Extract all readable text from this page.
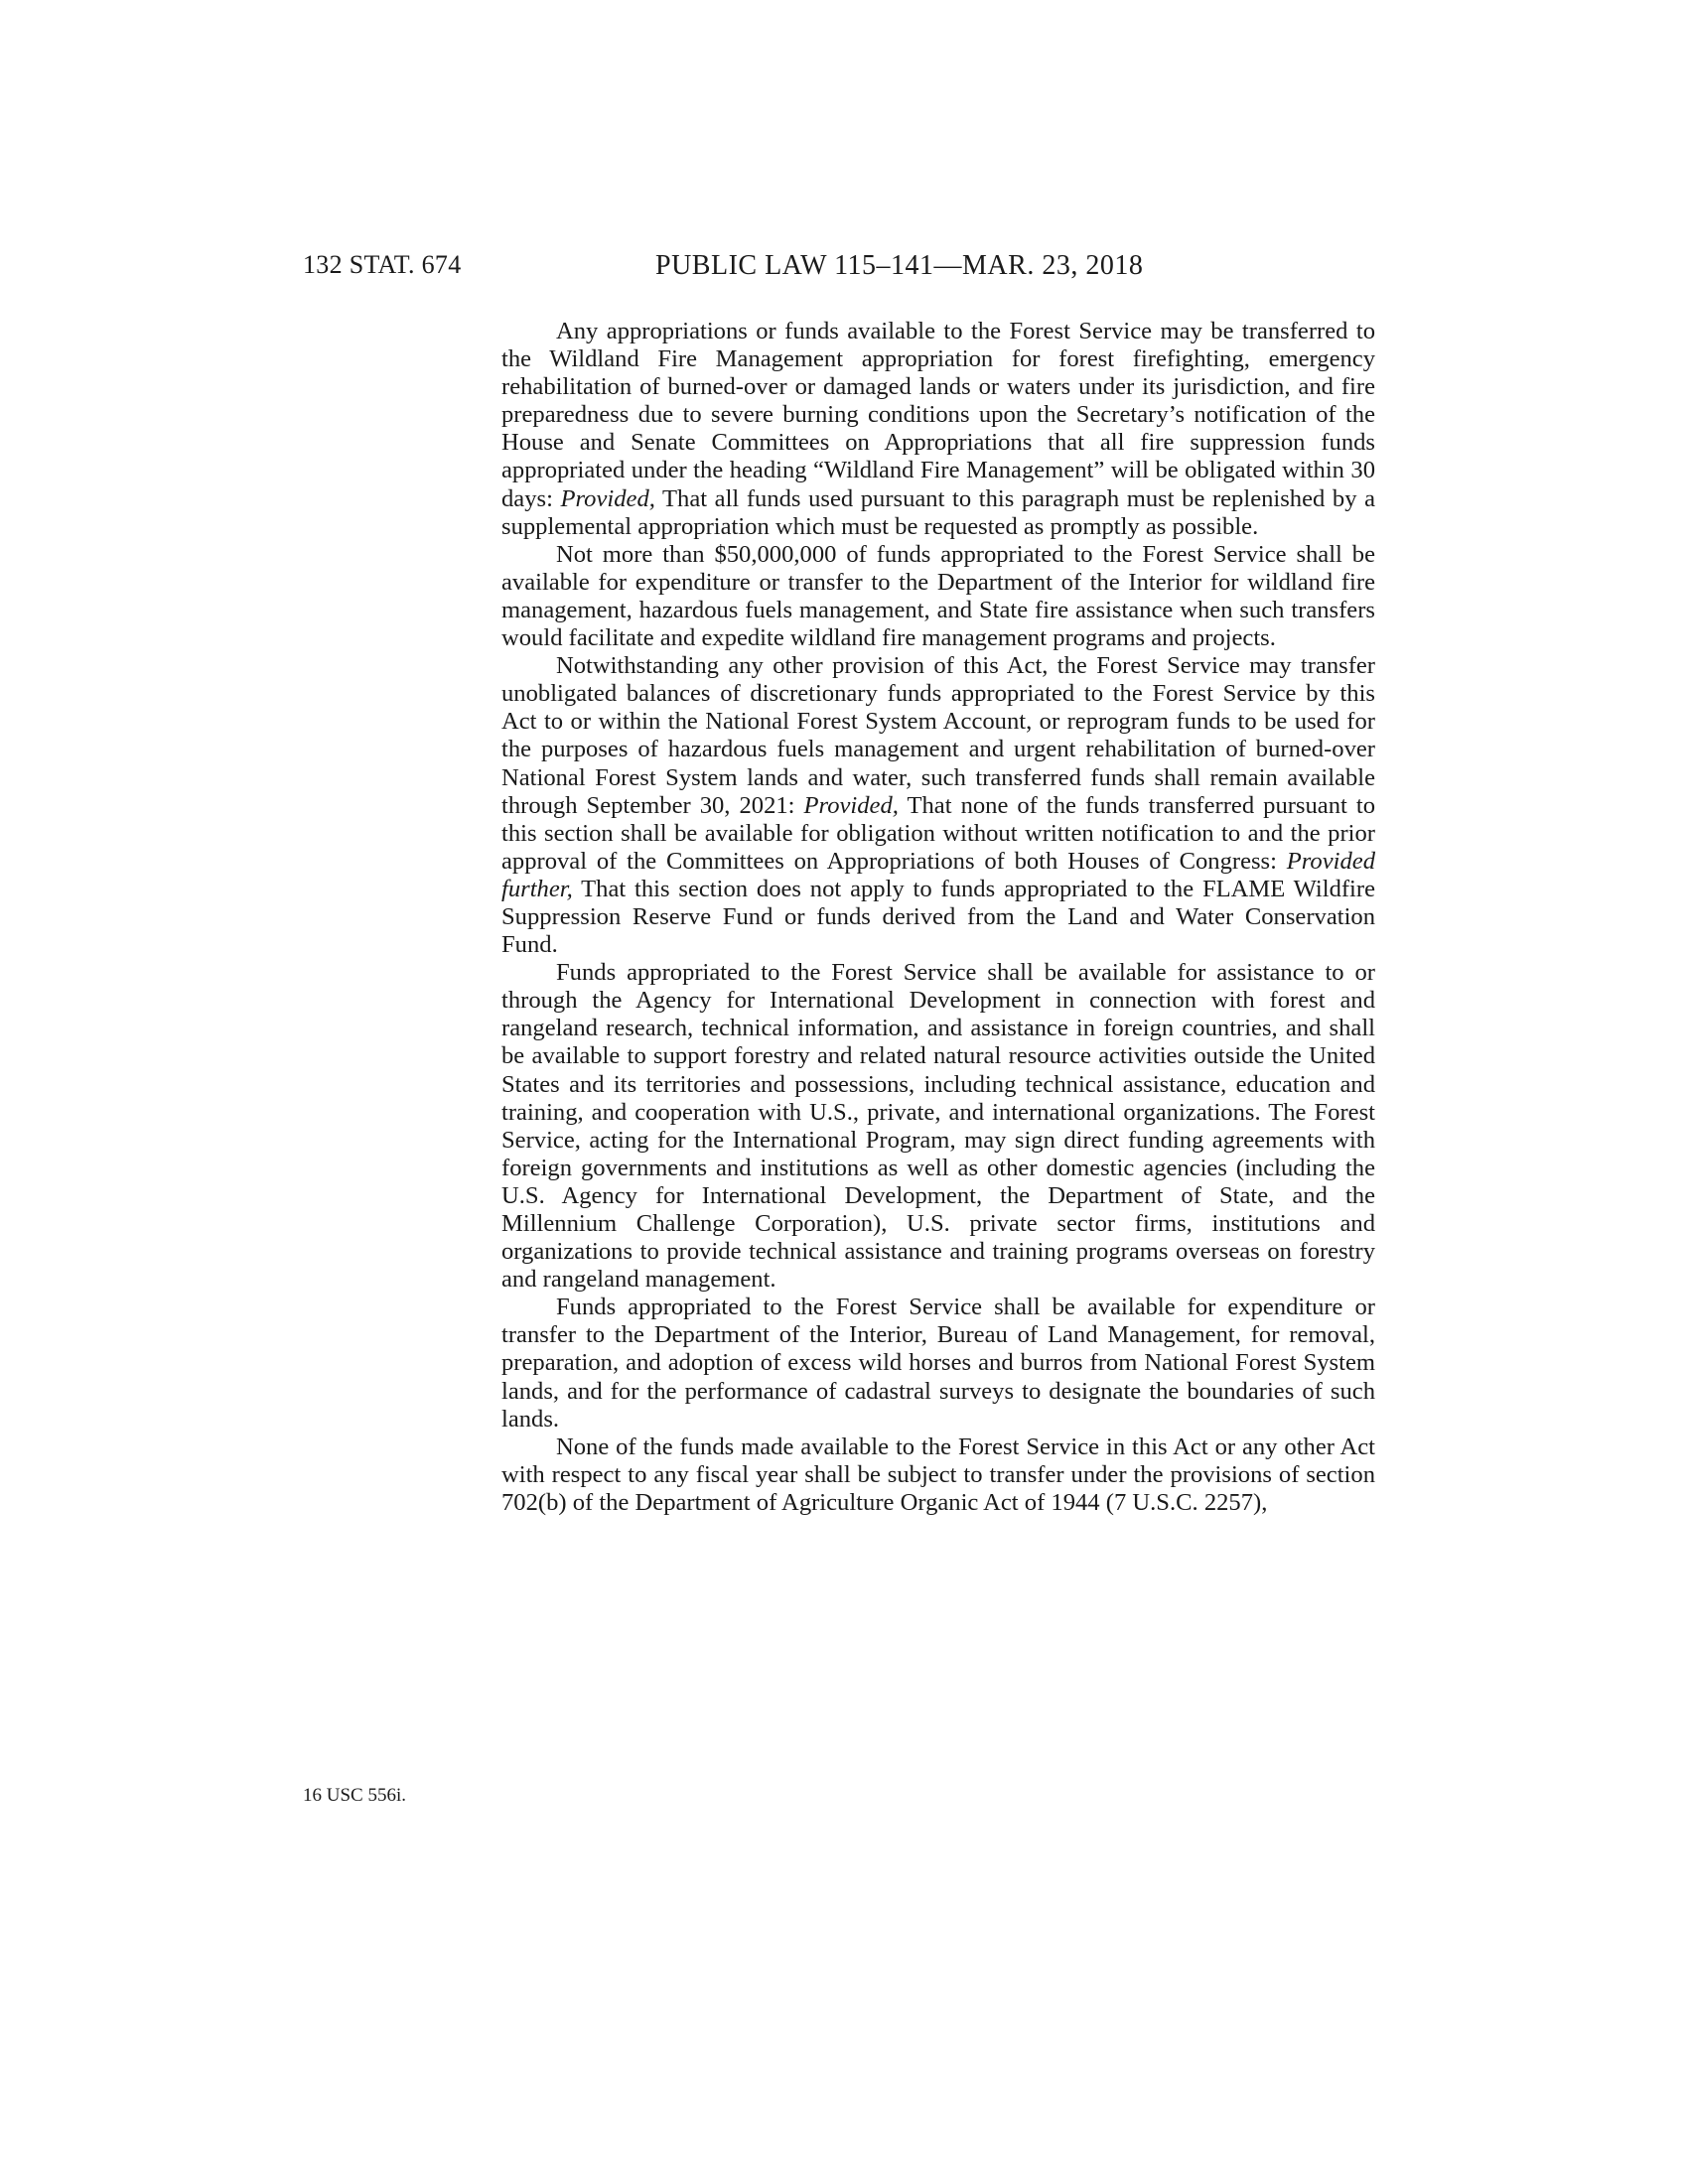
132 STAT. 674	PUBLIC LAW 115–141—MAR. 23, 2018
16 USC 556i.

Any appropriations or funds available to the Forest Service may be transferred to the Wildland Fire Management appropriation for forest firefighting, emergency rehabilitation of burned-over or damaged lands or waters under its jurisdiction, and fire preparedness due to severe burning conditions upon the Secretary’s notification of the House and Senate Committees on Appropriations that all fire suppression funds appropriated under the heading “Wildland Fire Management” will be obligated within 30 days: Provided, That all funds used pursuant to this paragraph must be replenished by a supplemental appropriation which must be requested as promptly as possible.

Not more than $50,000,000 of funds appropriated to the Forest Service shall be available for expenditure or transfer to the Department of the Interior for wildland fire management, hazardous fuels management, and State fire assistance when such transfers would facilitate and expedite wildland fire management programs and projects.

Notwithstanding any other provision of this Act, the Forest Service may transfer unobligated balances of discretionary funds appropriated to the Forest Service by this Act to or within the National Forest System Account, or reprogram funds to be used for the purposes of hazardous fuels management and urgent rehabilitation of burned-over National Forest System lands and water, such transferred funds shall remain available through September 30, 2021: Provided, That none of the funds transferred pursuant to this section shall be available for obligation without written notification to and the prior approval of the Committees on Appropriations of both Houses of Congress: Provided further, That this section does not apply to funds appropriated to the FLAME Wildfire Suppression Reserve Fund or funds derived from the Land and Water Conservation Fund.

Funds appropriated to the Forest Service shall be available for assistance to or through the Agency for International Development in connection with forest and rangeland research, technical information, and assistance in foreign countries, and shall be available to support forestry and related natural resource activities outside the United States and its territories and possessions, including technical assistance, education and training, and cooperation with U.S., private, and international organizations. The Forest Service, acting for the International Program, may sign direct funding agreements with foreign governments and institutions as well as other domestic agencies (including the U.S. Agency for International Development, the Department of State, and the Millennium Challenge Corporation), U.S. private sector firms, institutions and organizations to provide technical assistance and training programs overseas on forestry and rangeland management.

Funds appropriated to the Forest Service shall be available for expenditure or transfer to the Department of the Interior, Bureau of Land Management, for removal, preparation, and adoption of excess wild horses and burros from National Forest System lands, and for the performance of cadastral surveys to designate the boundaries of such lands.

None of the funds made available to the Forest Service in this Act or any other Act with respect to any fiscal year shall be subject to transfer under the provisions of section 702(b) of the Department of Agriculture Organic Act of 1944 (7 U.S.C. 2257),
